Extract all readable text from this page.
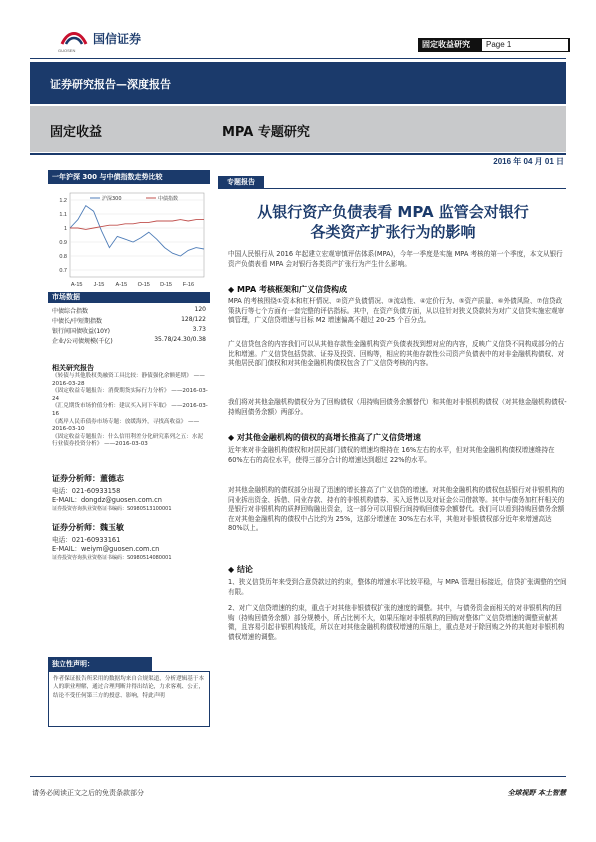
GUOSEN
国信证券	固定收益研究	Page 1
证券研究报告—深度报告
固定收益	MPA 专题研究
2016 年 04 月 01 日
一年沪深 300 与中债指数走势比较
1.2
1.1
1
0.9
0.8
0.7
A-15 J-15 A-15 O-15 D-15 F-16
沪深300	中债指数
市场数据
中债综合指数	120
中债长/中短期指数	128/122
银行间国债收益(10Y)	3.73
企业/公司债规模(千亿)	35.78/24.30/0.38
相关研究报告
《转债与其他股权类融资工具比较：静债强化余额延期》 ——2016-03-28
《固定收益专题报告：消费期货实际行力分析》 ——2016-03-24
《汇兑期货市场价值分析：建议买入同下年取》 ——2016-03-16
《离岸人民币债券市场专题：放缓海外，寻找高收益》 ——2016-03-10
《固定收益专题报告：什么信用利差分化研究系列之五：水泥行业债券投资分析》 ——2016-03-03
证券分析师：董德志
电话：021-60933158
E-MAIL：dongdz@guosen.com.cn
证券投资咨询执业资格证书编码：S0980513100001
证券分析师：魏玉敏
电话：021-60933161
E-MAIL：weiym@guosen.com.cn
证券投资咨询执业资格证书编码：S0980514080001
独立性声明：
作者保证报告所采用的数据均来自合规渠道，分析逻辑基于本人的职业理解，通过合理判断并得出结论，力求客观、公正，结论不受任何第三方的授意、影响，特此声明
专题报告
从银行资产负债表看 MPA 监管会对银行
各类资产扩张行为的影响
中国人民银行从 2016 年起建立宏观审慎评估体系(MPA)，今年一季度是实施 MPA 考核的第一个季度，本文从银行资产负债表看 MPA 会对银行各类资产扩张行为产生什么影响。
◆ MPA 考核框架和广义信贷构成
MPA 的考核围绕①资本和杠杆情况、②资产负债情况、③流动性、④定价行为、⑤资产质量、⑥外债风险、⑦信贷政策执行等七个方面有一套完整的评估指标。其中，在资产负债方面，从以往针对狭义贷款转为对广义信贷实施宏观审慎管理，广义信贷增速与目标 M2 增速偏离不超过 20-25 个百分点。
广义信贷包含的内容我们可以从其他存款性金融机构资产负债表找到想对应的内容，反映广义信贷不同构成部分的占比和增速。广义信贷包括贷款、证券及投资、回购等，相应的其他存款性公司资产负债表中的对非金融机构债权、对其他居民部门债权和对其他金融机构债权包含了广义信贷考核的内容。
我们将对其他金融机构债权分为了回购债权（用持购回债务余额替代）和其他对非银机构债权（对其他金融机构债权-持购回债务余额）两部分。
◆ 对其他金融机构的债权的高增长推高了广义信贷增速
近年来对非金融机构债权和对居民部门债权的增速均维持在 16%左右的水平，但对其他金融机构债权增速维持在 60%左右的高位水平，使得三部分合计的增速达到超过 22%的水平。
对其他金融机构的债权部分出现了迅速的增长推高了广义信贷的增速。对其他金融机构的债权包括银行对非银机构的同业拆出资金、拆借、同业存款、持有的非银机构债券、买入返售以及对证金公司借款等。其中与债务加杠杆相关的是银行对非银机构的质押回购融出资金，这一部分可以用银行间持购回债券余额替代。我们可以看到持购回债务余额在对其他金融机构的债权中占比约为 25%，这部分增速在 30%左右水平，其他对非银债权部分近年来增速高达 80%以上。
◆ 结论
1、狭义信贷历年来受到合意贷款过的约束，整体的增速水平比较平稳，与 MPA 管理目标接近，信贷扩张调整的空间有限。
2、对广义信贷增速的约束，重点于对其他非银债权扩张的速度的调整。其中，与债务资金面相关的对非银机构的回购（持购回债务余额）部分规模小，所占比例不大，如果压缩对非银机构的回购对整体广义信贷增速的调整贡献甚微，且容易引起非银机构钱荒，所以在对其他金融机构债权增速的压缩上，重点是对于除回购之外的其他对非银机构债权增速的调整。
请务必阅读正文之后的免责条款部分	全球视野 本土智慧
